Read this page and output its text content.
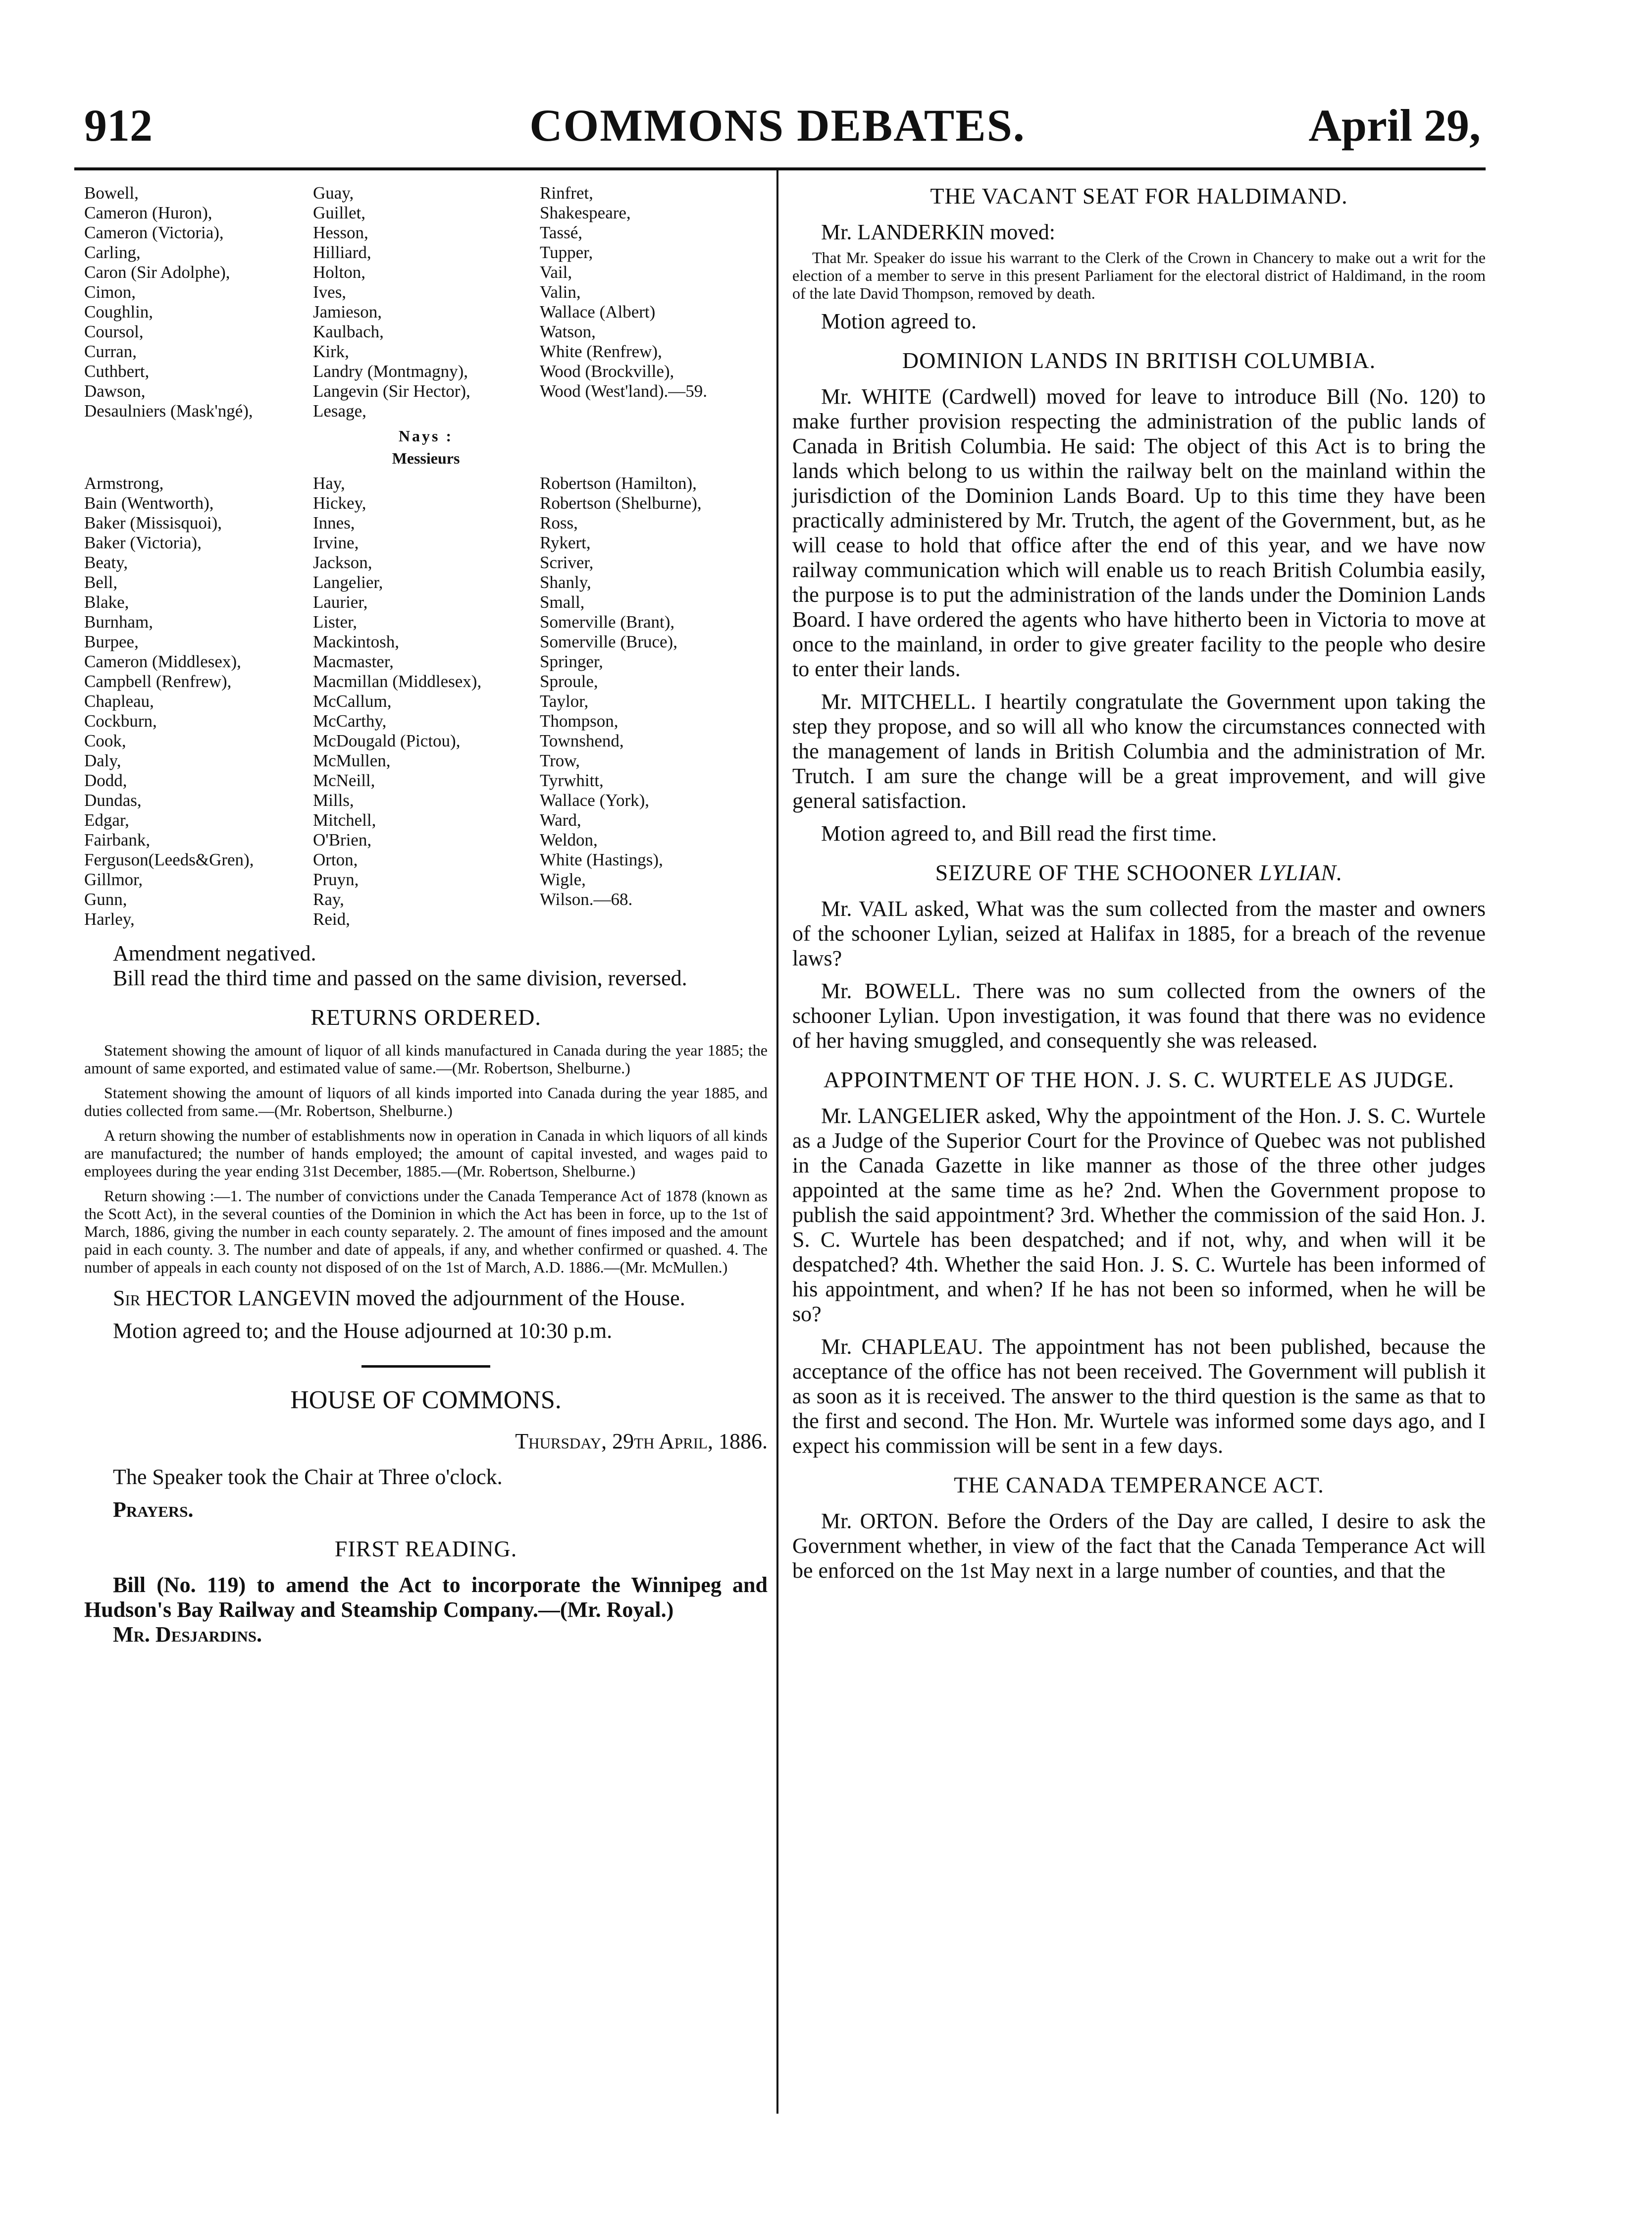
912	COMMONS DEBATES.	April 29,
Bowell,
Cameron (Huron),
Cameron (Victoria),
Carling,
Caron (Sir Adolphe),
Cimon,
Coughlin,
Coursol,
Curran,
Cuthbert,
Dawson,
Desaulniers (Mask'ngé),
Guay,
Guillet,
Hesson,
Hilliard,
Holton,
Ives,
Jamieson,
Kaulbach,
Kirk,
Landry (Montmagny),
Langevin (Sir Hector),
Lesage,
Rinfret,
Shakespeare,
Tassé,
Tupper,
Vail,
Valin,
Wallace (Albert)
Watson,
White (Renfrew),
Wood (Brockville),
Wood (West'land).—59.
Nays :
Messieurs
Armstrong,
Bain (Wentworth),
Baker (Missisquoi),
Baker (Victoria),
Beaty,
Bell,
Blake,
Burnham,
Burpee,
Cameron (Middlesex),
Campbell (Renfrew),
Chapleau,
Cockburn,
Cook,
Daly,
Dodd,
Dundas,
Edgar,
Fairbank,
Ferguson(Leeds&Gren),
Gillmor,
Gunn,
Harley,
Hay,
Hickey,
Innes,
Irvine,
Jackson,
Langelier,
Laurier,
Lister,
Mackintosh,
Macmaster,
Macmillan (Middlesex),
McCallum,
McCarthy,
McDougald (Pictou),
McMullen,
McNeill,
Mills,
Mitchell,
O'Brien,
Orton,
Pruyn,
Ray,
Reid,
Robertson (Hamilton),
Robertson (Shelburne),
Ross,
Rykert,
Scriver,
Shanly,
Small,
Somerville (Brant),
Somerville (Bruce),
Springer,
Sproule,
Taylor,
Thompson,
Townshend,
Trow,
Tyrwhitt,
Wallace (York),
Ward,
Weldon,
White (Hastings),
Wigle,
Wilson.—68.

Amendment negatived.

Bill read the third time and passed on the same division, reversed.

RETURNS ORDERED.

Statement showing the amount of liquor of all kinds manufactured in Canada during the year 1885; the amount of same exported, and estimated value of same.—(Mr. Robertson, Shelburne.)

Statement showing the amount of liquors of all kinds imported into Canada during the year 1885, and duties collected from same.—(Mr. Robertson, Shelburne.)

A return showing the number of establishments now in operation in Canada in which liquors of all kinds are manufactured; the number of hands employed; the amount of capital invested, and wages paid to employees during the year ending 31st December, 1885.—(Mr. Robertson, Shelburne.)

Return showing :—1. The number of convictions under the Canada Temperance Act of 1878 (known as the Scott Act), in the several counties of the Dominion in which the Act has been in force, up to the 1st of March, 1886, giving the number in each county separately. 2. The amount of fines imposed and the amount paid in each county. 3. The number and date of appeals, if any, and whether confirmed or quashed. 4. The number of appeals in each county not disposed of on the 1st of March, A.D. 1886.—(Mr. McMullen.)

Sir HECTOR LANGEVIN moved the adjournment of the House.

Motion agreed to; and the House adjourned at 10:30 p.m.

HOUSE OF COMMONS.
Thursday, 29th April, 1886.

The Speaker took the Chair at Three o'clock.

Prayers.

FIRST READING.

Bill (No. 119) to amend the Act to incorporate the Winnipeg and Hudson's Bay Railway and Steamship Company.—(Mr. Royal.)

Mr. Desjardins.

THE VACANT SEAT FOR HALDIMAND.

Mr. LANDERKIN moved:

That Mr. Speaker do issue his warrant to the Clerk of the Crown in Chancery to make out a writ for the election of a member to serve in this present Parliament for the electoral district of Haldimand, in the room of the late David Thompson, removed by death.

Motion agreed to.

DOMINION LANDS IN BRITISH COLUMBIA.

Mr. WHITE (Cardwell) moved for leave to introduce Bill (No. 120) to make further provision respecting the administration of the public lands of Canada in British Columbia. He said: The object of this Act is to bring the lands which belong to us within the railway belt on the mainland within the jurisdiction of the Dominion Lands Board. Up to this time they have been practically administered by Mr. Trutch, the agent of the Government, but, as he will cease to hold that office after the end of this year, and we have now railway communication which will enable us to reach British Columbia easily, the purpose is to put the administration of the lands under the Dominion Lands Board. I have ordered the agents who have hitherto been in Victoria to move at once to the mainland, in order to give greater facility to the people who desire to enter their lands.

Mr. MITCHELL. I heartily congratulate the Government upon taking the step they propose, and so will all who know the circumstances connected with the management of lands in British Columbia and the administration of Mr. Trutch. I am sure the change will be a great improvement, and will give general satisfaction.

Motion agreed to, and Bill read the first time.

SEIZURE OF THE SCHOONER LYLIAN.

Mr. VAIL asked, What was the sum collected from the master and owners of the schooner Lylian, seized at Halifax in 1885, for a breach of the revenue laws?

Mr. BOWELL. There was no sum collected from the owners of the schooner Lylian. Upon investigation, it was found that there was no evidence of her having smuggled, and consequently she was released.

APPOINTMENT OF THE HON. J. S. C. WURTELE AS JUDGE.

Mr. LANGELIER asked, Why the appointment of the Hon. J. S. C. Wurtele as a Judge of the Superior Court for the Province of Quebec was not published in the Canada Gazette in like manner as those of the three other judges appointed at the same time as he? 2nd. When the Government propose to publish the said appointment? 3rd. Whether the commission of the said Hon. J. S. C. Wurtele has been despatched; and if not, why, and when will it be despatched? 4th. Whether the said Hon. J. S. C. Wurtele has been informed of his appointment, and when? If he has not been so informed, when he will be so?

Mr. CHAPLEAU. The appointment has not been published, because the acceptance of the office has not been received. The Government will publish it as soon as it is received. The answer to the third question is the same as that to the first and second. The Hon. Mr. Wurtele was informed some days ago, and I expect his commission will be sent in a few days.

THE CANADA TEMPERANCE ACT.

Mr. ORTON. Before the Orders of the Day are called, I desire to ask the Government whether, in view of the fact that the Canada Temperance Act will be enforced on the 1st May next in a large number of counties, and that the
